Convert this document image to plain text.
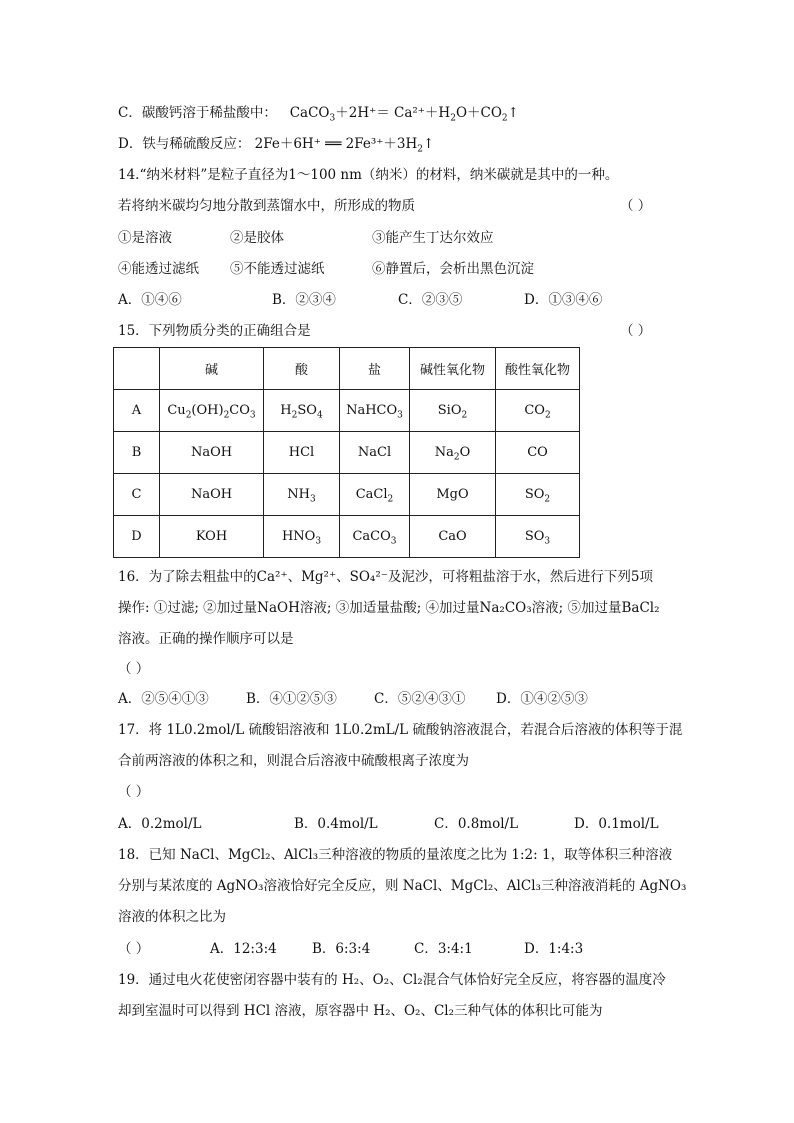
C．碳酸钙溶于稀盐酸中： CaCO$_3$＋2H⁺＝ $Ca^{2+}+H_2O+CO_2↑$
D．铁与稀硫酸反应： 2Fe＋6H⁺ ══ $2Fe^{3+}+3H_2↑$
14.“纳米材料”是粒子直径为1～100 nm（纳米）的材料，纳米碳就是其中的一种。
若将纳米碳均匀地分散到蒸馏水中，所形成的物质	（ ）
①是溶液	②是胶体	③能产生丁达尔效应
④能透过滤纸 ⑤不能透过滤纸	⑥静置后，会析出黑色沉淀
A．①④⑥	B．②③④	C．②③⑤	D．①③④⑥
15．下列物质分类的正确组合是	（ ）
	碱	酸	盐	碱性氧化物	酸性氧化物
A	$Cu_2(OH)_2CO_3$	$H_2SO_4$	NaHCO$_3$	SiO$_2$	$CO_2$
B	NaOH	HCl	NaCl	$Na_2O$	CO
C	NaOH	$NH_3$	CaCl$_2$	MgO	$SO_2$
D	KOH	$HNO_3$	CaCO$_3$	CaO	$SO_3$
16．为了除去粗盐中的Ca²⁺、Mg²⁺、SO₄²⁻及泥沙，可将粗盐溶于水，然后进行下列5项
操作: ①过滤; ②加过量NaOH溶液; ③加适量盐酸; ④加过量Na₂CO₃溶液; ⑤加过量BaCl₂
溶液。正确的操作顺序可以是
（ ）
A．②⑤④①③	B．④①②⑤③	C．⑤②④③① D．①④②⑤③
17．将 1L0.2mol/L 硫酸铝溶液和 1L0.2mL/L 硫酸钠溶液混合，若混合后溶液的体积等于混
合前两溶液的体积之和，则混合后溶液中硫酸根离子浓度为
（ ）
A．0.2mol/L	B．0.4mol/L	C．0.8mol/L	D．0.1mol/L
18．已知 NaCl、MgCl₂、AlCl₃三种溶液的物质的量浓度之比为 1:2: 1，取等体积三种溶液
分别与某浓度的 AgNO₃溶液恰好完全反应，则 NaCl、MgCl₂、AlCl₃三种溶液消耗的 AgNO₃
溶液的体积之比为
（ ）	A．12:3:4	B．6:3:4	C．3:4:1	D．1:4:3
19．通过电火花使密闭容器中装有的 H₂、O₂、Cl₂混合气体恰好完全反应，将容器的温度冷
却到室温时可以得到 HCl 溶液，原容器中 H₂、O₂、Cl₂三种气体的体积比可能为
